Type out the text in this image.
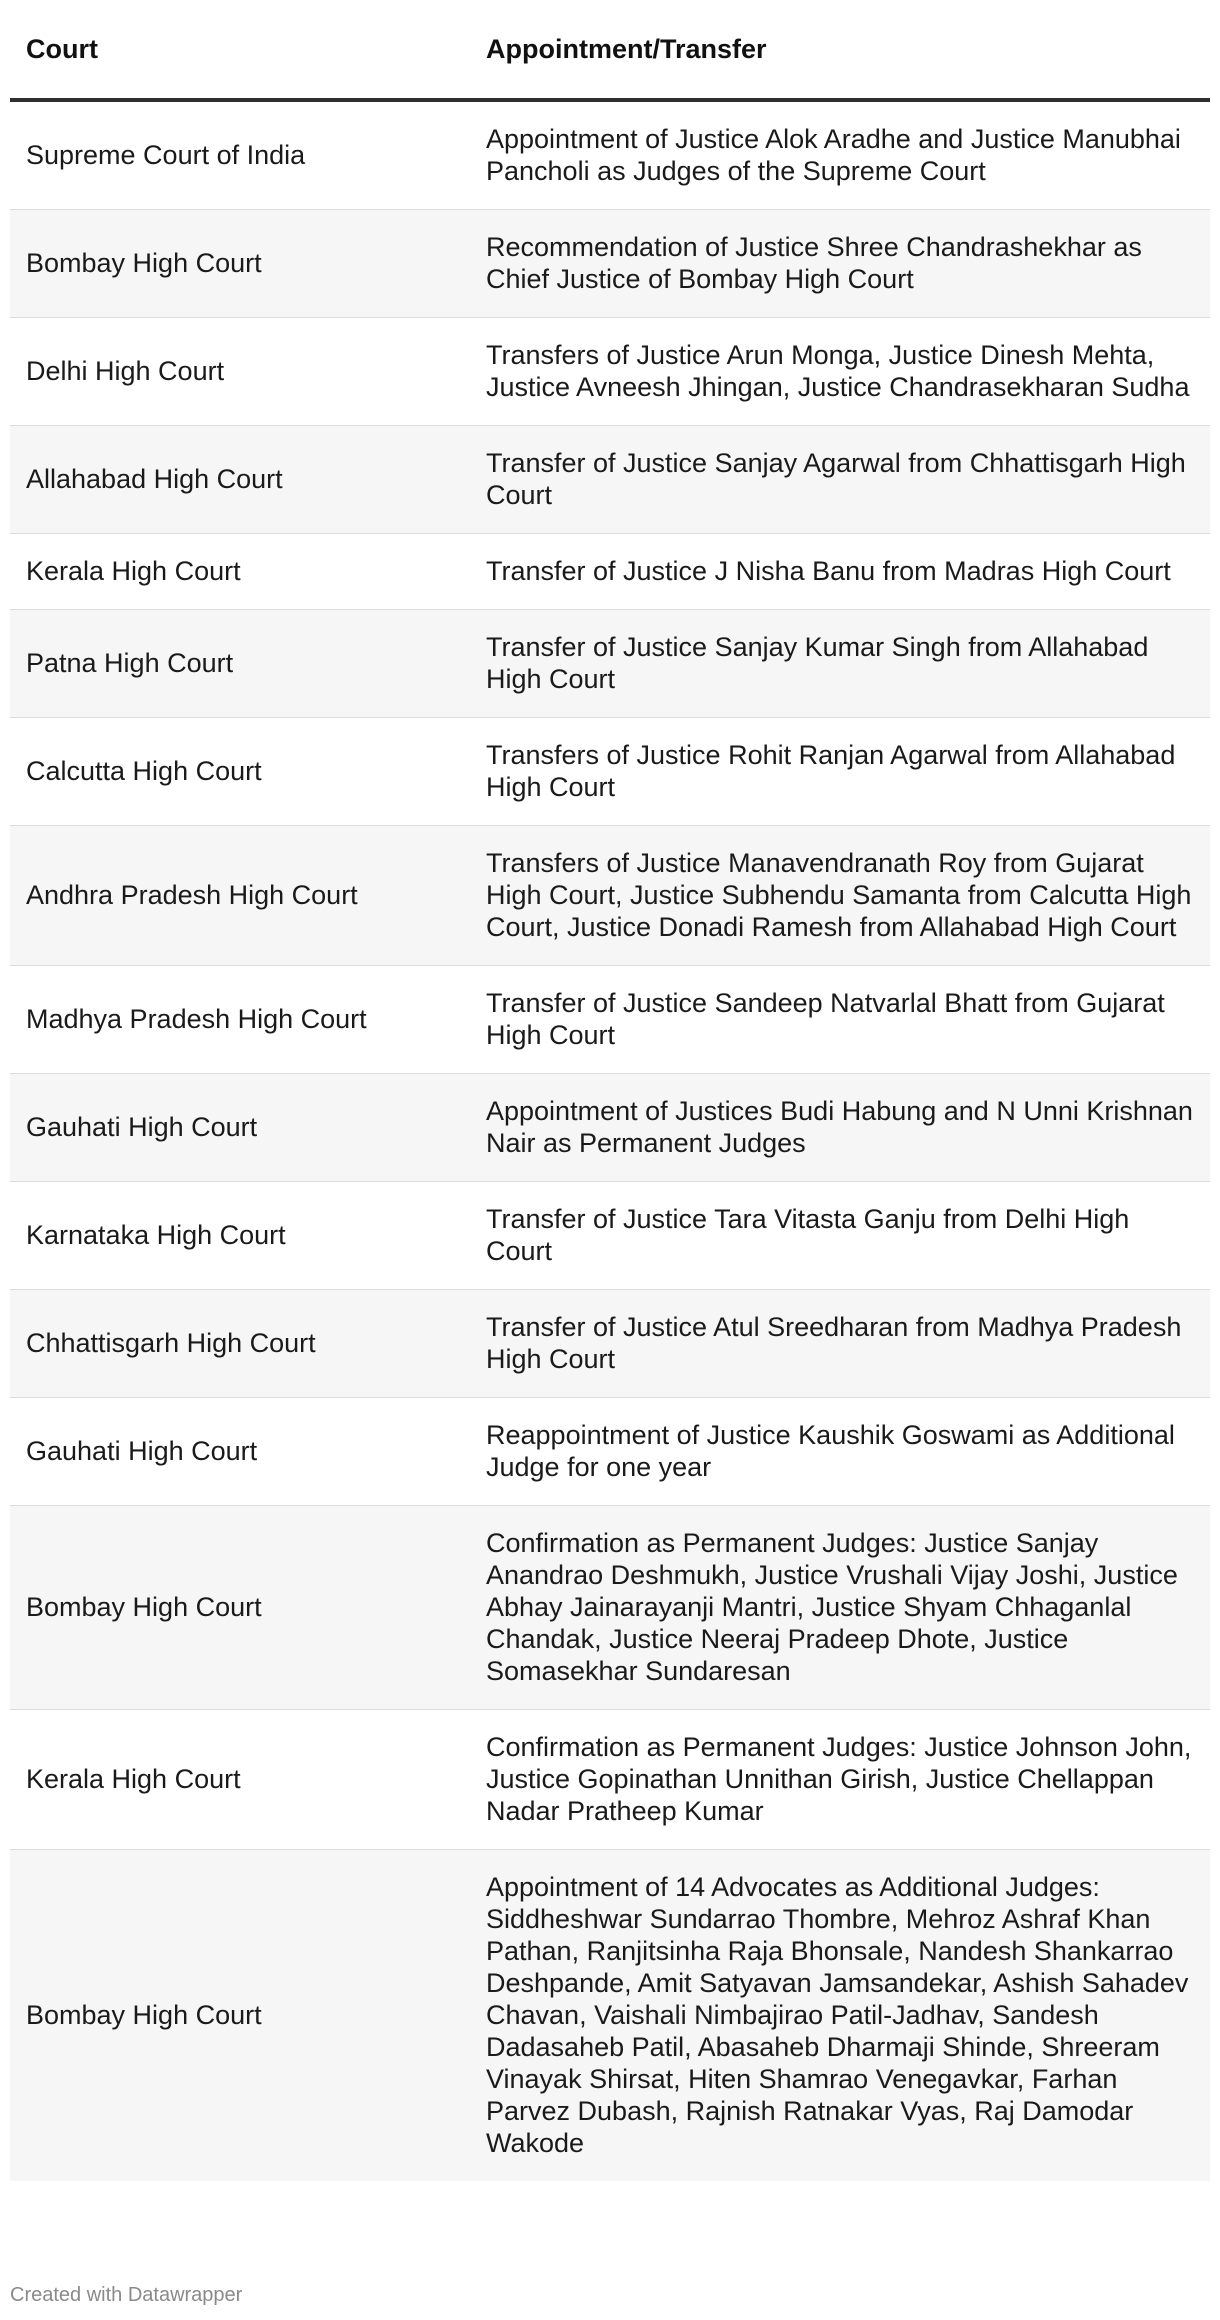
Court	Appointment/Transfer
Supreme Court of India	Appointment of Justice Alok Aradhe and Justice Manubhai Pancholi as Judges of the Supreme Court
Bombay High Court	Recommendation of Justice Shree Chandrashekhar as Chief Justice of Bombay High Court
Delhi High Court	Transfers of Justice Arun Monga, Justice Dinesh Mehta, Justice Avneesh Jhingan, Justice Chandrasekharan Sudha
Allahabad High Court	Transfer of Justice Sanjay Agarwal from Chhattisgarh High Court
Kerala High Court	Transfer of Justice J Nisha Banu from Madras High Court
Patna High Court	Transfer of Justice Sanjay Kumar Singh from Allahabad High Court
Calcutta High Court	Transfers of Justice Rohit Ranjan Agarwal from Allahabad High Court
Andhra Pradesh High Court	Transfers of Justice Manavendranath Roy from Gujarat High Court, Justice Subhendu Samanta from Calcutta High Court, Justice Donadi Ramesh from Allahabad High Court
Madhya Pradesh High Court	Transfer of Justice Sandeep Natvarlal Bhatt from Gujarat High Court
Gauhati High Court	Appointment of Justices Budi Habung and N Unni Krishnan Nair as Permanent Judges
Karnataka High Court	Transfer of Justice Tara Vitasta Ganju from Delhi High Court
Chhattisgarh High Court	Transfer of Justice Atul Sreedharan from Madhya Pradesh High Court
Gauhati High Court	Reappointment of Justice Kaushik Goswami as Additional Judge for one year
Bombay High Court	Confirmation as Permanent Judges: Justice Sanjay Anandrao Deshmukh, Justice Vrushali Vijay Joshi, Justice Abhay Jainarayanji Mantri, Justice Shyam Chhaganlal Chandak, Justice Neeraj Pradeep Dhote, Justice Somasekhar Sundaresan
Kerala High Court	Confirmation as Permanent Judges: Justice Johnson John, Justice Gopinathan Unnithan Girish, Justice Chellappan Nadar Pratheep Kumar
Bombay High Court	Appointment of 14 Advocates as Additional Judges: Siddheshwar Sundarrao Thombre, Mehroz Ashraf Khan Pathan, Ranjitsinha Raja Bhonsale, Nandesh Shankarrao Deshpande, Amit Satyavan Jamsandekar, Ashish Sahadev Chavan, Vaishali Nimbajirao Patil-Jadhav, Sandesh Dadasaheb Patil, Abasaheb Dharmaji Shinde, Shreeram Vinayak Shirsat, Hiten Shamrao Venegavkar, Farhan Parvez Dubash, Rajnish Ratnakar Vyas, Raj Damodar Wakode
Created with Datawrapper
